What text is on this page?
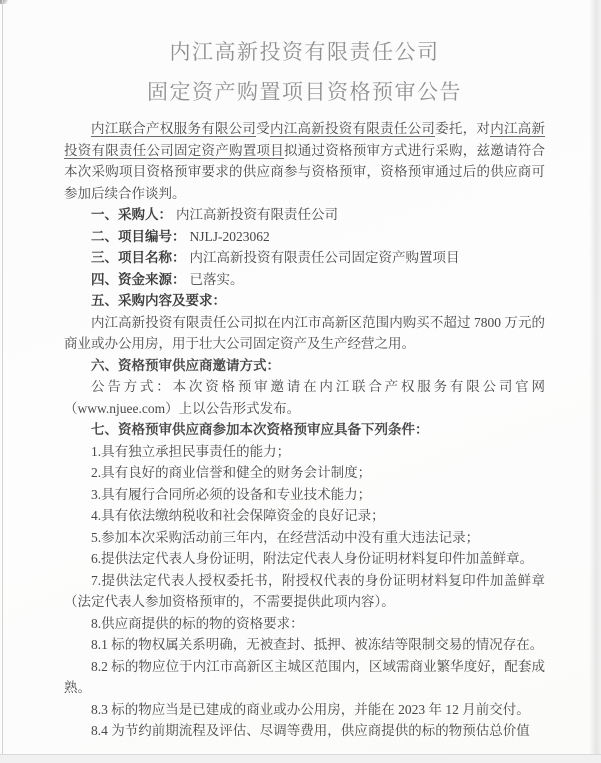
内江高新投资有限责任公司
固定资产购置项目资格预审公告

内江联合产权服务有限公司受内江高新投资有限责任公司委托，对内江高新投资有限责任公司固定资产购置项目拟通过资格预审方式进行采购，兹邀请符合本次采购项目资格预审要求的供应商参与资格预审，资格预审通过后的供应商可参加后续合作谈判。

一、采购人： 内江高新投资有限责任公司

二、项目编号： NJLJ-2023062

三、项目名称： 内江高新投资有限责任公司固定资产购置项目

四、资金来源： 已落实。

五、采购内容及要求：

内江高新投资有限责任公司拟在内江市高新区范围内购买不超过 7800 万元的商业或办公用房，用于壮大公司固定资产及生产经营之用。

六、资格预审供应商邀请方式：

公告方式：本次资格预审邀请在内江联合产权服务有限公司官网（www.njuee.com）上以公告形式发布。

七、资格预审供应商参加本次资格预审应具备下列条件：

1.具有独立承担民事责任的能力；

2.具有良好的商业信誉和健全的财务会计制度；

3.具有履行合同所必须的设备和专业技术能力；

4.具有依法缴纳税收和社会保障资金的良好记录；

5.参加本次采购活动前三年内，在经营活动中没有重大违法记录；

6.提供法定代表人身份证明，附法定代表人身份证明材料复印件加盖鲜章。

7.提供法定代表人授权委托书，附授权代表的身份证明材料复印件加盖鲜章（法定代表人参加资格预审的，不需要提供此项内容）。

8.供应商提供的标的物的资格要求：

8.1 标的物权属关系明确，无被查封、抵押、被冻结等限制交易的情况存在。

8.2 标的物应位于内江市高新区主城区范围内，区域需商业繁华度好，配套成熟。

8.3 标的物应当是已建成的商业或办公用房，并能在 2023 年 12 月前交付。

8.4 为节约前期流程及评估、尽调等费用，供应商提供的标的物预估总价值
